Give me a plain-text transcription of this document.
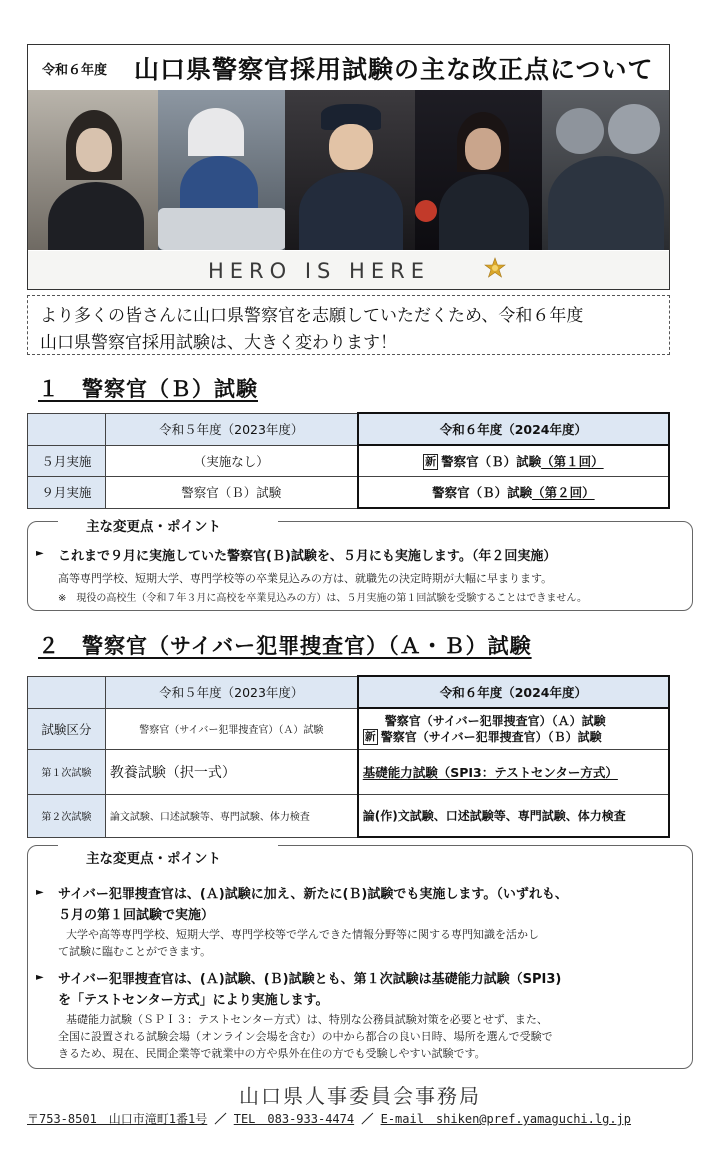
令和６年度 山口県警察官採用試験の主な改正点について
HERO IS HERE
より多くの皆さんに山口県警察官を志願していただくため、令和６年度
山口県警察官採用試験は、大きく変わります！
１　警察官（Ｂ）試験
	令和５年度（2023年度）	令和６年度（2024年度）
５月実施	（実施なし）	新 警察官（Ｂ）試験（第１回）
９月実施	警察官（Ｂ）試験	警察官（Ｂ）試験（第２回）
主な変更点・ポイント
► これまで９月に実施していた警察官(Ｂ)試験を、５月にも実施します。（年２回実施）
高等専門学校、短期大学、専門学校等の卒業見込みの方は、就職先の決定時期が大幅に早まります。
※　現役の高校生（令和７年３月に高校を卒業見込みの方）は、５月実施の第１回試験を受験することはできません。
２　警察官（サイバー犯罪捜査官）（Ａ・Ｂ）試験
	令和５年度（2023年度）	令和６年度（2024年度）
試験区分	警察官（サイバー犯罪捜査官）（Ａ）試験	警察官（サイバー犯罪捜査官）（Ａ）試験
新 警察官（サイバー犯罪捜査官）（Ｂ）試験

第１次試験	教養試験（択一式）	基礎能力試験（SPI3：テストセンター方式）
第２次試験	論文試験、口述試験等、専門試験、体力検査	論(作)文試験、口述試験等、専門試験、体力検査
主な変更点・ポイント
► サイバー犯罪捜査官は、(Ａ)試験に加え、新たに(Ｂ)試験でも実施します。（いずれも、
５月の第１回試験で実施）
大学や高等専門学校、短期大学、専門学校等で学んできた情報分野等に関する専門知識を活かし
て試験に臨むことができます。
► サイバー犯罪捜査官は、(Ａ)試験、(Ｂ)試験とも、第１次試験は基礎能力試験（SPI3)
を「テストセンター方式」により実施します。
基礎能力試験（ＳＰＩ３：テストセンター方式）は、特別な公務員試験対策を必要とせず、また、
全国に設置される試験会場（オンライン会場を含む）の中から都合の良い日時、場所を選んで受験で
きるため、現在、民間企業等で就業中の方や県外在住の方でも受験しやすい試験です。
山口県人事委員会事務局
〒753-8501　山口市滝町1番1号 ／ TEL　083-933-4474 ／ E-mail　shiken@pref.yamaguchi.lg.jp
